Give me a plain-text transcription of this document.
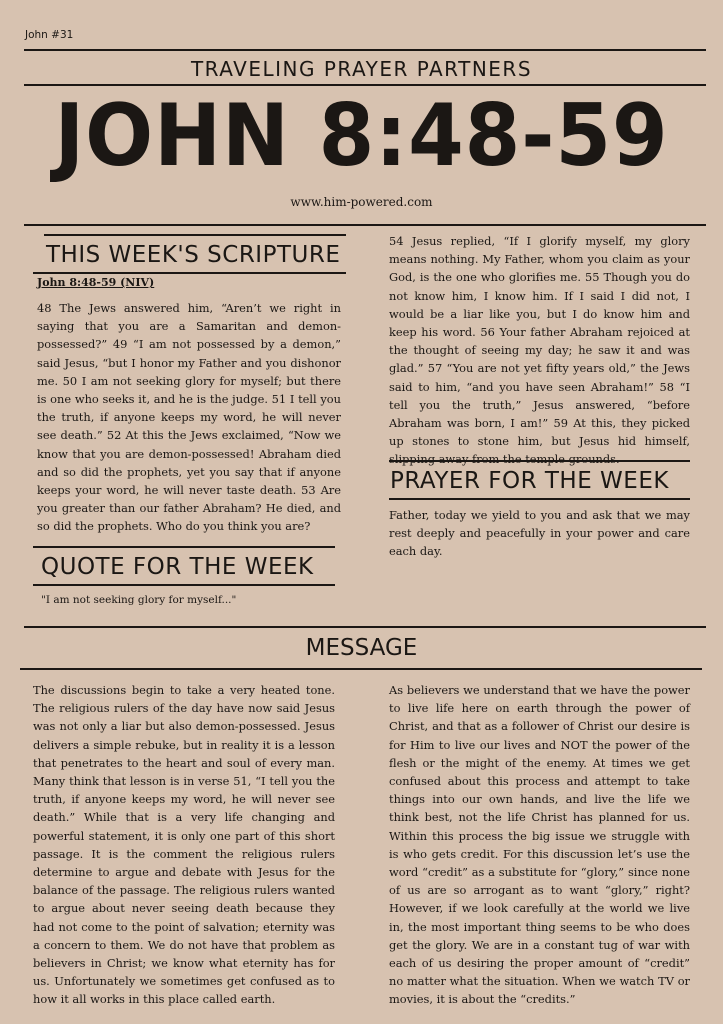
John #31
TRAVELING PRAYER PARTNERS
JOHN 8:48-59
www.him-powered.com
THIS WEEK'S SCRIPTURE
John 8:48-59 (NIV)
48 The Jews answered him, “Aren’t we right in saying that you are a Samaritan and demon-possessed?” 49 “I am not possessed by a demon,” said Jesus, “but I honor my Father and you dishonor me. 50 I am not seeking glory for myself; but there is one who seeks it, and he is the judge. 51 I tell you the truth, if anyone keeps my word, he will never see death.” 52 At this the Jews exclaimed, “Now we know that you are demon-possessed! Abraham died and so did the prophets, yet you say that if anyone keeps your word, he will never taste death. 53 Are you greater than our father Abraham? He died, and so did the prophets. Who do you think you are?
QUOTE FOR THE WEEK
"I am not seeking glory for myself..."
54 Jesus replied, “If I glorify myself, my glory means nothing. My Father, whom you claim as your God, is the one who glorifies me. 55 Though you do not know him, I know him. If I said I did not, I would be a liar like you, but I do know him and keep his word. 56 Your father Abraham rejoiced at the thought of seeing my day; he saw it and was glad.” 57 “You are not yet fifty years old,” the Jews said to him, “and you have seen Abraham!” 58 “I tell you the truth,” Jesus answered, “before Abraham was born, I am!” 59 At this, they picked up stones to stone him, but Jesus hid himself, slipping away from the temple grounds.
PRAYER FOR THE WEEK
Father, today we yield to you and ask that we may rest deeply and peacefully in your power and care each day.
MESSAGE
The discussions begin to take a very heated tone. The religious rulers of the day have now said Jesus was not only a liar but also demon-possessed. Jesus delivers a simple rebuke, but in reality it is a lesson that penetrates to the heart and soul of every man. Many think that lesson is in verse 51, “I tell you the truth, if anyone keeps my word, he will never see death.” While that is a very life changing and powerful statement, it is only one part of this short passage. It is the comment the religious rulers determine to argue and debate with Jesus for the balance of the passage. The religious rulers wanted to argue about never seeing death because they had not come to the point of salvation; eternity was a concern to them. We do not have that problem as believers in Christ; we know what eternity has for us. Unfortunately we sometimes get confused as to how it all works in this place called earth.
As believers we understand that we have the power to live life here on earth through the power of Christ, and that as a follower of Christ our desire is for Him to live our lives and NOT the power of the flesh or the might of the enemy. At times we get confused about this process and attempt to take things into our own hands, and live the life we think best, not the life Christ has planned for us. Within this process the big issue we struggle with is who gets credit. For this discussion let’s use the word “credit” as a substitute for “glory,” since none of us are so arrogant as to want “glory,” right? However, if we look carefully at the world we live in, the most important thing seems to be who does get the glory. We are in a constant tug of war with each of us desiring the proper amount of “credit” no matter what the situation. When we watch TV or movies, it is about the “credits.”
